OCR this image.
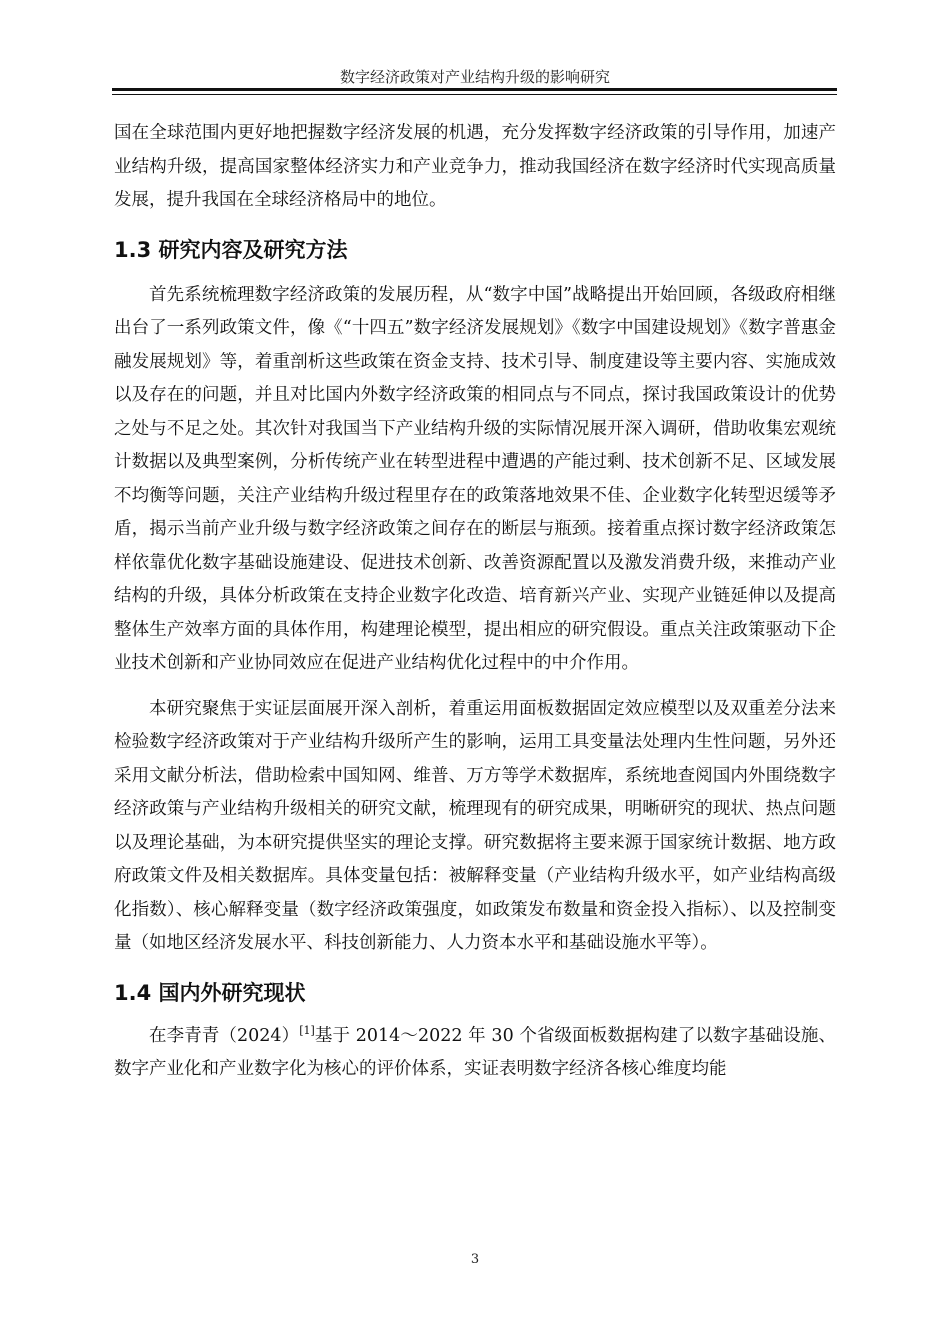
数字经济政策对产业结构升级的影响研究

国在全球范围内更好地把握数字经济发展的机遇，充分发挥数字经济政策的引导作用，加速产业结构升级，提高国家整体经济实力和产业竞争力，推动我国经济在数字经济时代实现高质量发展，提升我国在全球经济格局中的地位。

1.3 研究内容及研究方法

首先系统梳理数字经济政策的发展历程，从“数字中国”战略提出开始回顾，各级政府相继出台了一系列政策文件，像《“十四五”数字经济发展规划》《数字中国建设规划》《数字普惠金融发展规划》等，着重剖析这些政策在资金支持、技术引导、制度建设等主要内容、实施成效以及存在的问题，并且对比国内外数字经济政策的相同点与不同点，探讨我国政策设计的优势之处与不足之处。其次针对我国当下产业结构升级的实际情况展开深入调研，借助收集宏观统计数据以及典型案例，分析传统产业在转型进程中遭遇的产能过剩、技术创新不足、区域发展不均衡等问题，关注产业结构升级过程里存在的政策落地效果不佳、企业数字化转型迟缓等矛盾，揭示当前产业升级与数字经济政策之间存在的断层与瓶颈。接着重点探讨数字经济政策怎样依靠优化数字基础设施建设、促进技术创新、改善资源配置以及激发消费升级，来推动产业结构的升级，具体分析政策在支持企业数字化改造、培育新兴产业、实现产业链延伸以及提高整体生产效率方面的具体作用，构建理论模型，提出相应的研究假设。重点关注政策驱动下企业技术创新和产业协同效应在促进产业结构优化过程中的中介作用。

本研究聚焦于实证层面展开深入剖析，着重运用面板数据固定效应模型以及双重差分法来检验数字经济政策对于产业结构升级所产生的影响，运用工具变量法处理内生性问题，另外还采用文献分析法，借助检索中国知网、维普、万方等学术数据库，系统地查阅国内外围绕数字经济政策与产业结构升级相关的研究文献，梳理现有的研究成果，明晰研究的现状、热点问题以及理论基础，为本研究提供坚实的理论支撑。研究数据将主要来源于国家统计数据、地方政府政策文件及相关数据库。具体变量包括：被解释变量（产业结构升级水平，如产业结构高级化指数）、核心解释变量（数字经济政策强度，如政策发布数量和资金投入指标）、以及控制变量（如地区经济发展水平、科技创新能力、人力资本水平和基础设施水平等）。

1.4 国内外研究现状

在李青青（2024）[1]基于 2014～2022 年 30 个省级面板数据构建了以数字基础设施、数字产业化和产业数字化为核心的评价体系，实证表明数字经济各核心维度均能

3
